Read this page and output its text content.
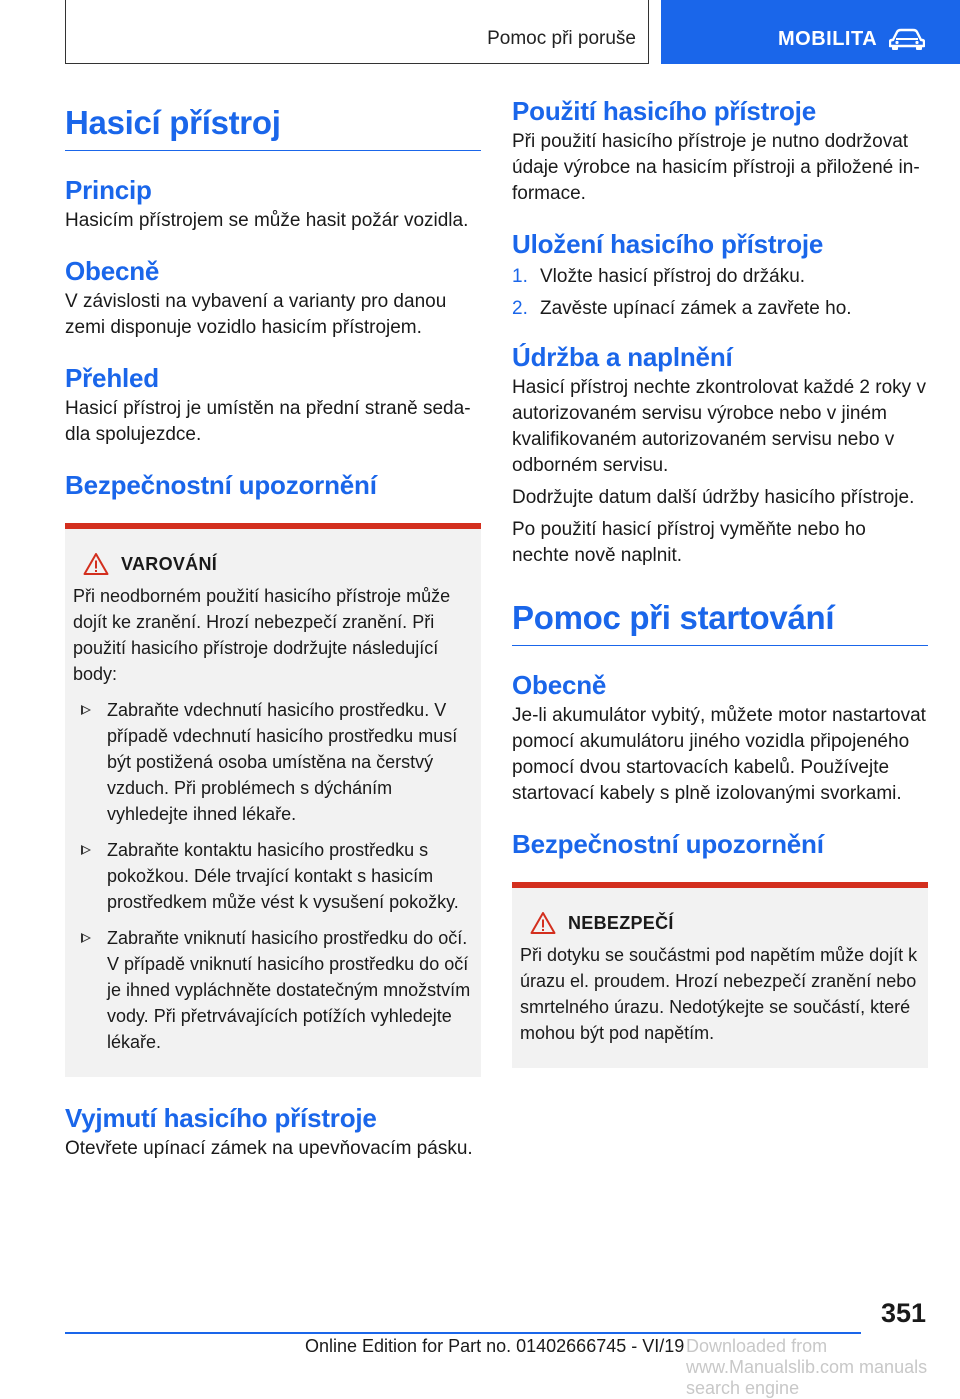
Pomoc při poruše	MOBILITA
Hasicí přístroj
Princip

Hasicím přístrojem se může hasit požár vozidla.

Obecně

V závislosti na vybavení a varianty pro danou zemi disponuje vozidlo hasicím přístrojem.

Přehled

Hasicí přístroj je umístěn na přední straně sedadla spolujezdce.

Bezpečnostní upozornění
VAROVÁNÍ

Při neodborném použití hasicího přístroje může dojít ke zranění. Hrozí nebezpečí zranění. Při použití hasicího přístroje dodržujte následující body:

Zabraňte vdechnutí hasicího prostředku. V případě vdechnutí hasicího prostředku musí být postižená osoba umístěna na čerstvý vzduch. Při problémech s dýcháním vyhledejte ihned lékaře.
Zabraňte kontaktu hasicího prostředku s pokožkou. Déle trvající kontakt s hasicím prostředkem může vést k vysušení pokožky.
Zabraňte vniknutí hasicího prostředku do očí. V případě vniknutí hasicího prostředku do očí je ihned vypláchněte dostatečným množstvím vody. Při přetrvávajících potížích vyhledejte lékaře.
Vyjmutí hasicího přístroje

Otevřete upínací zámek na upevňovacím pásku.

Použití hasicího přístroje

Při použití hasicího přístroje je nutno dodržovat údaje výrobce na hasicím přístroji a přiložené informace.

Uložení hasicího přístroje
1. Vložte hasicí přístroj do držáku.
2. Zavěste upínací zámek a zavřete ho.
Údržba a naplnění

Hasicí přístroj nechte zkontrolovat každé 2 roky v autorizovaném servisu výrobce nebo v jiném kvalifikovaném autorizovaném servisu nebo v odborném servisu.

Dodržujte datum další údržby hasicího přístroje.

Po použití hasicí přístroj vyměňte nebo ho nechte nově naplnit.

Pomoc při startování
Obecně

Je-li akumulátor vybitý, můžete motor nastartovat pomocí akumulátoru jiného vozidla připojeného pomocí dvou startovacích kabelů. Používejte startovací kabely s plně izolovanými svorkami.

Bezpečnostní upozornění
NEBEZPEČÍ

Při dotyku se součástmi pod napětím může dojít k úrazu el. proudem. Hrozí nebezpečí zranění nebo smrtelného úrazu. Nedotýkejte se součástí, které mohou být pod napětím.

351
Online Edition for Part no. 01402666745 - VI/19 Downloaded from www.Manualslib.com manuals search engine
